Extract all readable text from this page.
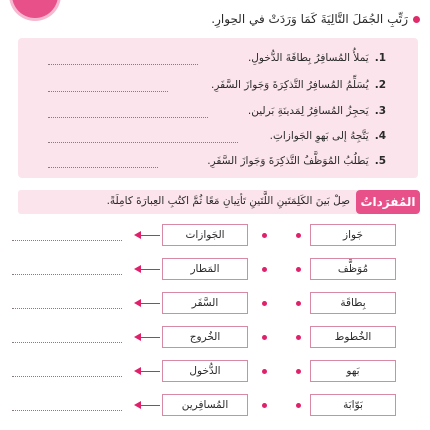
رَتِّبِ الجُمَلَ التَّالِيَةَ كَمَا وَرَدَتْ في الحِوارِ.
1.
يَملأُ المُسافِرُ بِطاقَةَ الدُّخولِ.
2.
يُسَلِّمُ المُسافِرُ التَّذكِرَةَ وَجَوازَ السَّفَرِ.
3.
يَحجِزُ المُسافِرُ لِمَدينَةِ بَرلين.
4.
يَتَّجِهُ إلى بَهوِ الجَوازاتِ.
5.
يَطلُبُ المُوَظَّفُ التَّذكِرَةَ وَجَوازَ السَّفَرِ.
المُفرَداتُ
صِلْ بَينَ الكَلِمَتَينِ اللَّتَينِ تَأتِيانِ مَعًا ثُمَّ اكتُبِ العِبارَةَ كامِلَةً.
جَواز
الجَوازات
مُوَظَّف
المَطار
بِطاقَة
السَّفَر
الخُطوط
الخُروج
بَهو
الدُّخول
بَوّابَة
المُسافِرين
